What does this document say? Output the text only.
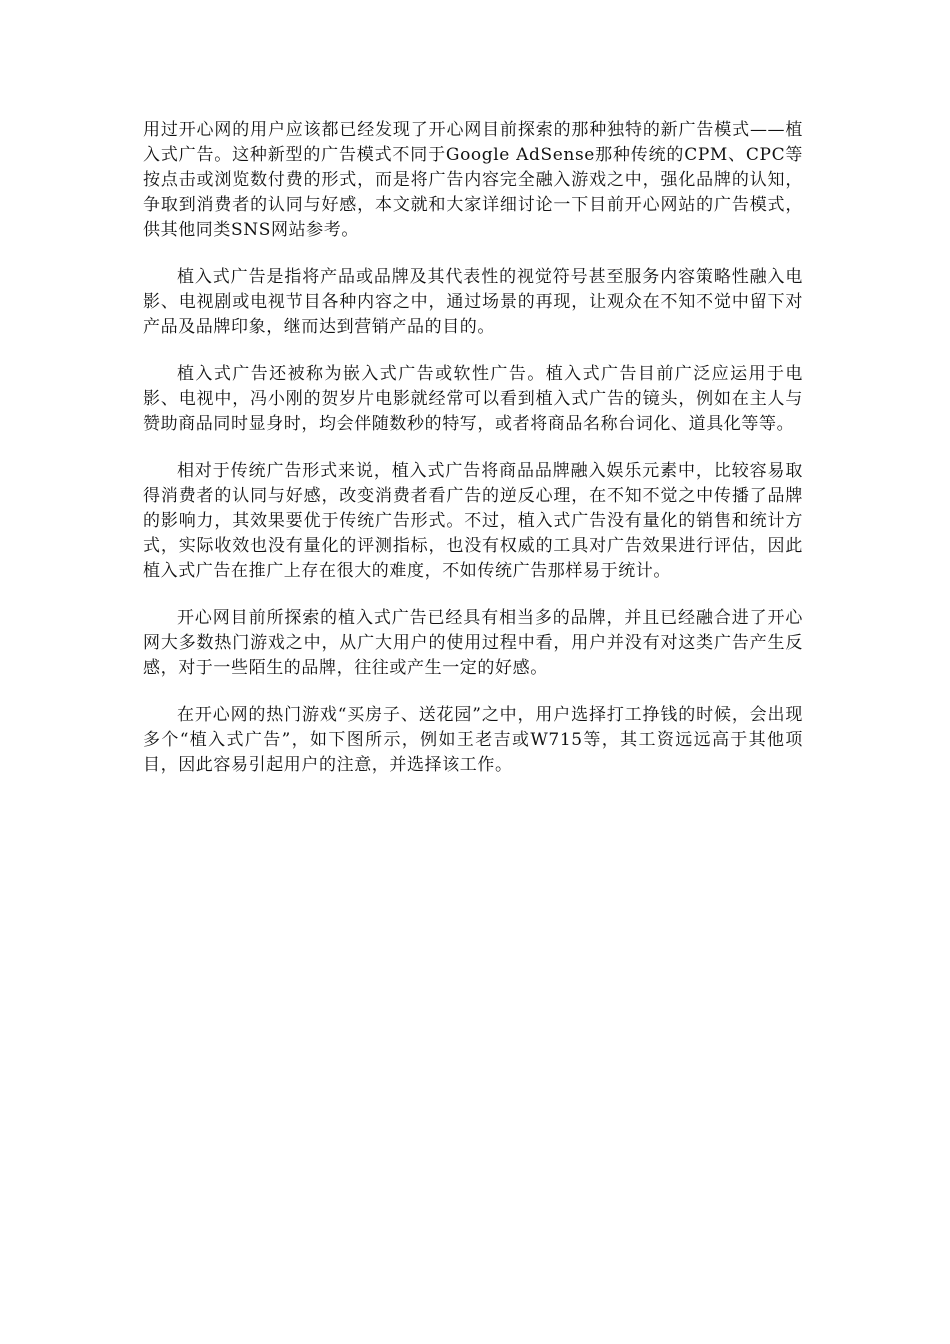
用过开心网的用户应该都已经发现了开心网目前探索的那种独特的新广告模式——植入式广告。这种新型的广告模式不同于Google AdSense那种传统的CPM、CPC等按点击或浏览数付费的形式，而是将广告内容完全融入游戏之中，强化品牌的认知，争取到消费者的认同与好感，本文就和大家详细讨论一下目前开心网站的广告模式，供其他同类SNS网站参考。

植入式广告是指将产品或品牌及其代表性的视觉符号甚至服务内容策略性融入电影、电视剧或电视节目各种内容之中，通过场景的再现，让观众在不知不觉中留下对产品及品牌印象，继而达到营销产品的目的。

植入式广告还被称为嵌入式广告或软性广告。植入式广告目前广泛应运用于电影、电视中，冯小刚的贺岁片电影就经常可以看到植入式广告的镜头，例如在主人与赞助商品同时显身时，均会伴随数秒的特写，或者将商品名称台词化、道具化等等。

相对于传统广告形式来说，植入式广告将商品品牌融入娱乐元素中，比较容易取得消费者的认同与好感，改变消费者看广告的逆反心理，在不知不觉之中传播了品牌的影响力，其效果要优于传统广告形式。不过，植入式广告没有量化的销售和统计方式，实际收效也没有量化的评测指标，也没有权威的工具对广告效果进行评估，因此植入式广告在推广上存在很大的难度，不如传统广告那样易于统计。

开心网目前所探索的植入式广告已经具有相当多的品牌，并且已经融合进了开心网大多数热门游戏之中，从广大用户的使用过程中看，用户并没有对这类广告产生反感，对于一些陌生的品牌，往往或产生一定的好感。

在开心网的热门游戏“买房子、送花园”之中，用户选择打工挣钱的时候，会出现多个“植入式广告”，如下图所示，例如王老吉或W715等，其工资远远高于其他项目，因此容易引起用户的注意，并选择该工作。
